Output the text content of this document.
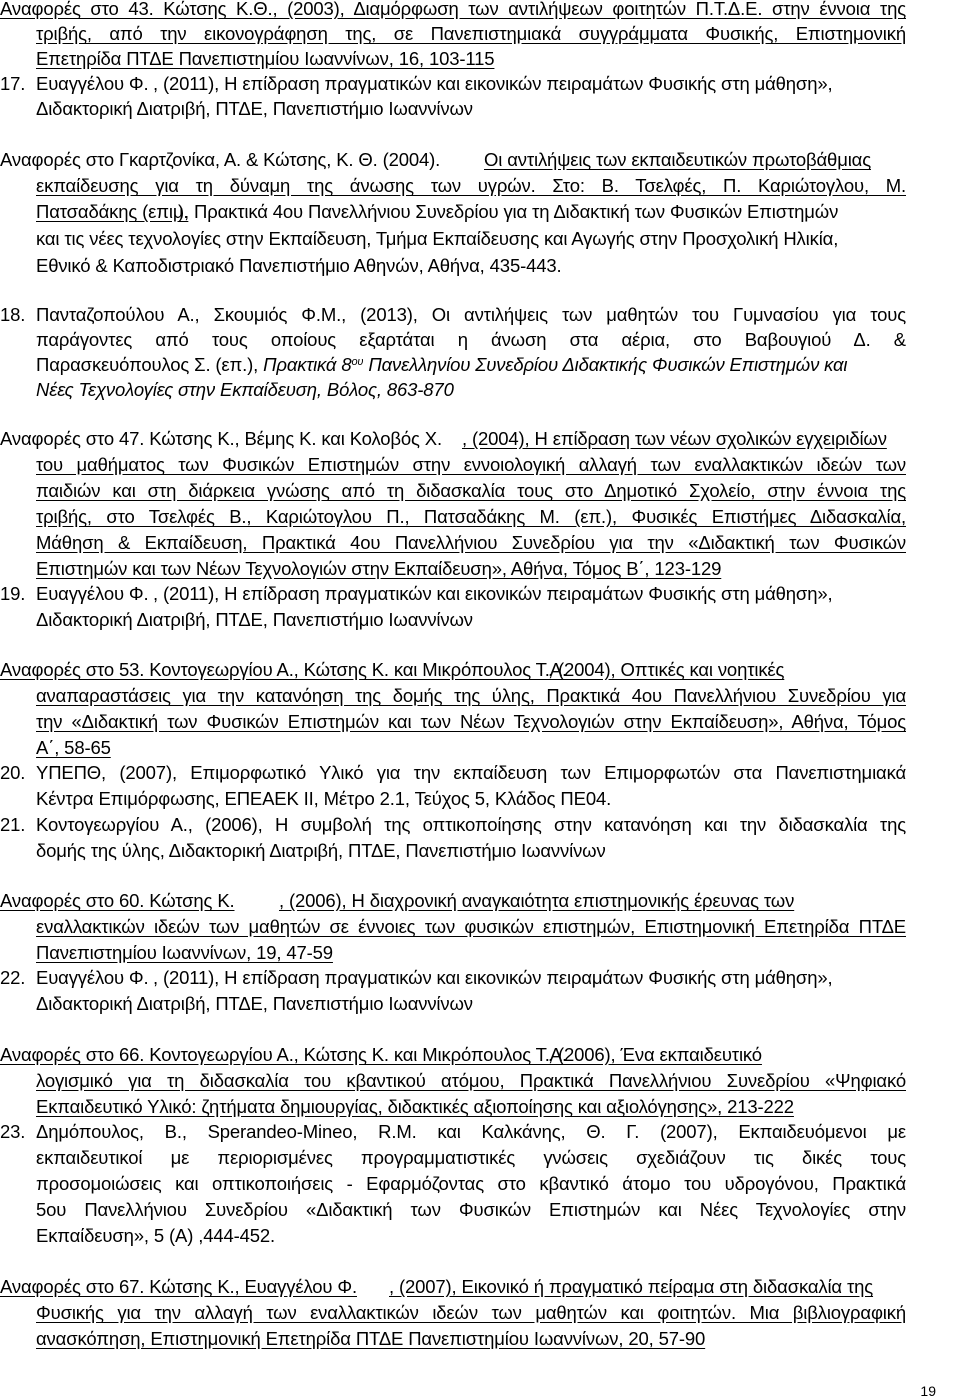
Αναφορές στο 43. Κώτσης Κ.Θ., (2003), Διαμόρφωση των αντιλήψεων φοιτητών Π.Τ.Δ.Ε. στην έννοια της
τριβής, από την εικονογράφηση της, σε Πανεπιστημιακά συγγράμματα Φυσικής, Επιστημονική
Επετηρίδα ΠΤΔΕ Πανεπιστημίου Ιωαννίνων, 16, 103-115
17. Ευαγγέλου Φ. , (2011), Η επίδραση πραγματικών και εικονικών πειραμάτων Φυσικής στη μάθηση»,
Διδακτορική Διατριβή, ΠΤΔΕ, Πανεπιστήμιο Ιωαννίνων
Αναφορές στο Γκαρτζονίκα, Α. & Κώτσης, Κ. Θ. (2004). Οι αντιλήψεις των εκπαιδευτικών πρωτοβάθμιας
εκπαίδευσης για τη δύναμη της άνωσης των υγρών. Στο: Β. Τσελφές, Π. Καριώτογλου, Μ.
Πατσαδάκης (επιμ.
), Πρακτικά 4ου Πανελλήνιου Συνεδρίου για τη Διδακτική των Φυσικών Επιστημών
και τις νέες τεχνολογίες στην Εκπαίδευση, Τμήμα Εκπαίδευσης και Αγωγής στην Προσχολική Ηλικία,
Εθνικό & Καποδιστριακό Πανεπιστήμιο Αθηνών, Αθήνα, 435-443.
18. Πανταζοπούλου Α., Σκουμιός Φ.Μ., (2013), Οι αντιλήψεις των μαθητών του Γυμνασίου για τους
παράγοντες από τους οποίους εξαρτάται η άνωση στα αέρια, στο Βαβουγιού Δ. &
Παρασκευόπουλος Σ. (επ.), Πρακτικά $8^{o\upsilon}$ Πανελληνίου Συνεδρίου Διδακτικής Φυσικών Επιστημών και
Νέες Τεχνολογίες στην Εκπαίδευση, Βόλος, 863-870
Αναφορές στο 47. Κώτσης Κ., Βέμης Κ. και Κολοβός Χ. , (2004), Η επίδραση των νέων σχολικών εγχειριδίων
του μαθήματος των Φυσικών Επιστημών στην εννοιολογική αλλαγή των εναλλακτικών ιδεών των
παιδιών και στη διάρκεια γνώσης από τη διδασκαλία τους στο Δημοτικό Σχολείο, στην έννοια της
τριβής, στο Τσελφές Β., Καριώτογλου Π., Πατσαδάκης Μ. (επ.), Φυσικές Επιστήμες Διδασκαλία,
Μάθηση & Εκπαίδευση, Πρακτικά 4ου Πανελλήνιου Συνεδρίου για την «Διδακτική των Φυσικών
Επιστημών και των Νέων Τεχνολογιών στην Εκπαίδευση», Αθήνα, Τόμος Β΄, 123-129
19. Ευαγγέλου Φ. , (2011), Η επίδραση πραγματικών και εικονικών πειραμάτων Φυσικής στη μάθηση»,
Διδακτορική Διατριβή, ΠΤΔΕ, Πανεπιστήμιο Ιωαννίνων
Αναφορές στο 53. Κοντογεωργίου Α., Κώτσης Κ. και Μικρόπουλος Τ.Α.
, (2004), Οπτικές και νοητικές
αναπαραστάσεις για την κατανόηση της δομής της ύλης, Πρακτικά 4ου Πανελλήνιου Συνεδρίου για
την «Διδακτική των Φυσικών Επιστημών και των Νέων Τεχνολογιών στην Εκπαίδευση», Αθήνα, Τόμος
Α΄, 58-65
20. ΥΠΕΠΘ, (2007), Επιμορφωτικό Υλικό για την εκπαίδευση των Επιμορφωτών στα Πανεπιστημιακά
Κέντρα Επιμόρφωσης, ΕΠΕΑΕΚ ΙΙ, Μέτρο 2.1, Τεύχος 5, Κλάδος ΠΕ04.
21. Κοντογεωργίου Α., (2006), Η συμβολή της οπτικοποίησης στην κατανόηση και την διδασκαλία της
δομής της ύλης, Διδακτορική Διατριβή, ΠΤΔΕ, Πανεπιστήμιο Ιωαννίνων
Αναφορές στο 60. Κώτσης Κ. , (2006), Η διαχρονική αναγκαιότητα επιστημονικής έρευνας των
εναλλακτικών ιδεών των μαθητών σε έννοιες των φυσικών επιστημών, Επιστημονική Επετηρίδα ΠΤΔΕ
Πανεπιστημίου Ιωαννίνων, 19, 47-59
22. Ευαγγέλου Φ. , (2011), Η επίδραση πραγματικών και εικονικών πειραμάτων Φυσικής στη μάθηση»,
Διδακτορική Διατριβή, ΠΤΔΕ, Πανεπιστήμιο Ιωαννίνων
Αναφορές στο 66. Κοντογεωργίου Α., Κώτσης Κ. και Μικρόπουλος Τ.Α.
, (2006), Ένα εκπαιδευτικό
λογισμικό για τη διδασκαλία του κβαντικού ατόμου, Πρακτικά Πανελλήνιου Συνεδρίου «Ψηφιακό
Εκπαιδευτικό Υλικό: ζητήματα δημιουργίας, διδακτικές αξιοποίησης και αξιολόγησης», 213-222
23. Δημόπουλος, Β., Sperandeo-Mineo, R.M. και Καλκάνης, Θ. Γ. (2007), Εκπαιδευόμενοι με
εκπαιδευτικοί με περιορισμένες προγραμματιστικές γνώσεις σχεδιάζουν τις δικές τους
προσομοιώσεις και οπτικοποιήσεις - Εφαρμόζοντας στο κβαντικό άτομο του υδρογόνου, Πρακτικά
5ου Πανελλήνιου Συνεδρίου «Διδακτική των Φυσικών Επιστημών και Νέες Τεχνολογίες στην
Εκπαίδευση», 5 (Α) ,444-452.
Αναφορές στο 67. Κώτσης Κ., Ευαγγέλου Φ. , (2007), Εικονικό ή πραγματικό πείραμα στη διδασκαλία της
Φυσικής για την αλλαγή των εναλλακτικών ιδεών των μαθητών και φοιτητών. Μια βιβλιογραφική
ανασκόπηση, Επιστημονική Επετηρίδα ΠΤΔΕ Πανεπιστημίου Ιωαννίνων, 20, 57-90
19
